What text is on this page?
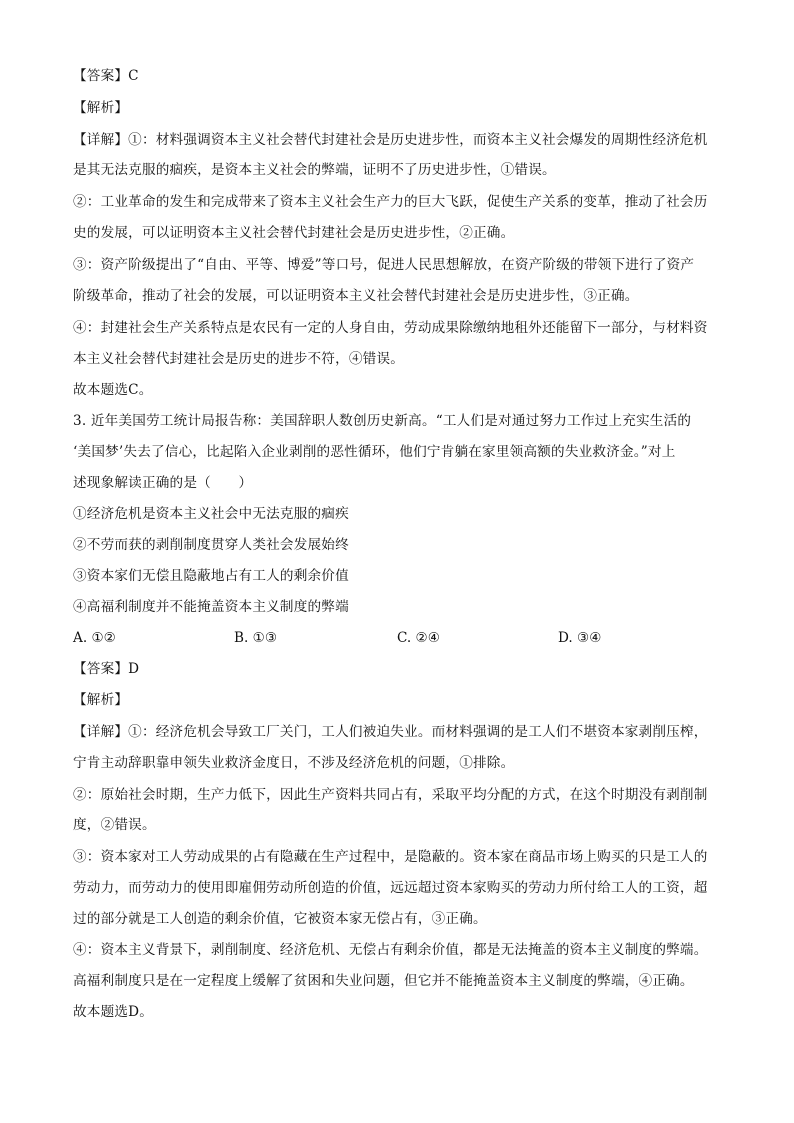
【答案】C
【解析】
【详解】①：材料强调资本主义社会替代封建社会是历史进步性，而资本主义社会爆发的周期性经济危机
是其无法克服的痼疾，是资本主义社会的弊端，证明不了历史进步性，①错误。
②：工业革命的发生和完成带来了资本主义社会生产力的巨大飞跃，促使生产关系的变革，推动了社会历
史的发展，可以证明资本主义社会替代封建社会是历史进步性，②正确。
③：资产阶级提出了“自由、平等、博爱”等口号，促进人民思想解放，在资产阶级的带领下进行了资产
阶级革命，推动了社会的发展，可以证明资本主义社会替代封建社会是历史进步性，③正确。
④：封建社会生产关系特点是农民有一定的人身自由，劳动成果除缴纳地租外还能留下一部分，与材料资
本主义社会替代封建社会是历史的进步不符，④错误。
故本题选C。
3. 近年美国劳工统计局报告称：美国辞职人数创历史新高。“工人们是对通过努力工作过上充实生活的
‘美国梦’失去了信心，比起陷入企业剥削的恶性循环，他们宁肯躺在家里领高额的失业救济金。”对上
述现象解读正确的是（　　）
①经济危机是资本主义社会中无法克服的痼疾
②不劳而获的剥削制度贯穿人类社会发展始终
③资本家们无偿且隐蔽地占有工人的剩余价值
④高福利制度并不能掩盖资本主义制度的弊端
A. ①②	B. ①③	C. ②④	D. ③④
【答案】D
【解析】
【详解】①：经济危机会导致工厂关门，工人们被迫失业。而材料强调的是工人们不堪资本家剥削压榨，
宁肯主动辞职靠申领失业救济金度日，不涉及经济危机的问题，①排除。
②：原始社会时期，生产力低下，因此生产资料共同占有，采取平均分配的方式，在这个时期没有剥削制
度，②错误。
③：资本家对工人劳动成果的占有隐藏在生产过程中，是隐蔽的。资本家在商品市场上购买的只是工人的
劳动力，而劳动力的使用即雇佣劳动所创造的价值，远远超过资本家购买的劳动力所付给工人的工资，超
过的部分就是工人创造的剩余价值，它被资本家无偿占有，③正确。
④：资本主义背景下，剥削制度、经济危机、无偿占有剩余价值，都是无法掩盖的资本主义制度的弊端。
高福利制度只是在一定程度上缓解了贫困和失业问题，但它并不能掩盖资本主义制度的弊端，④正确。
故本题选D。
